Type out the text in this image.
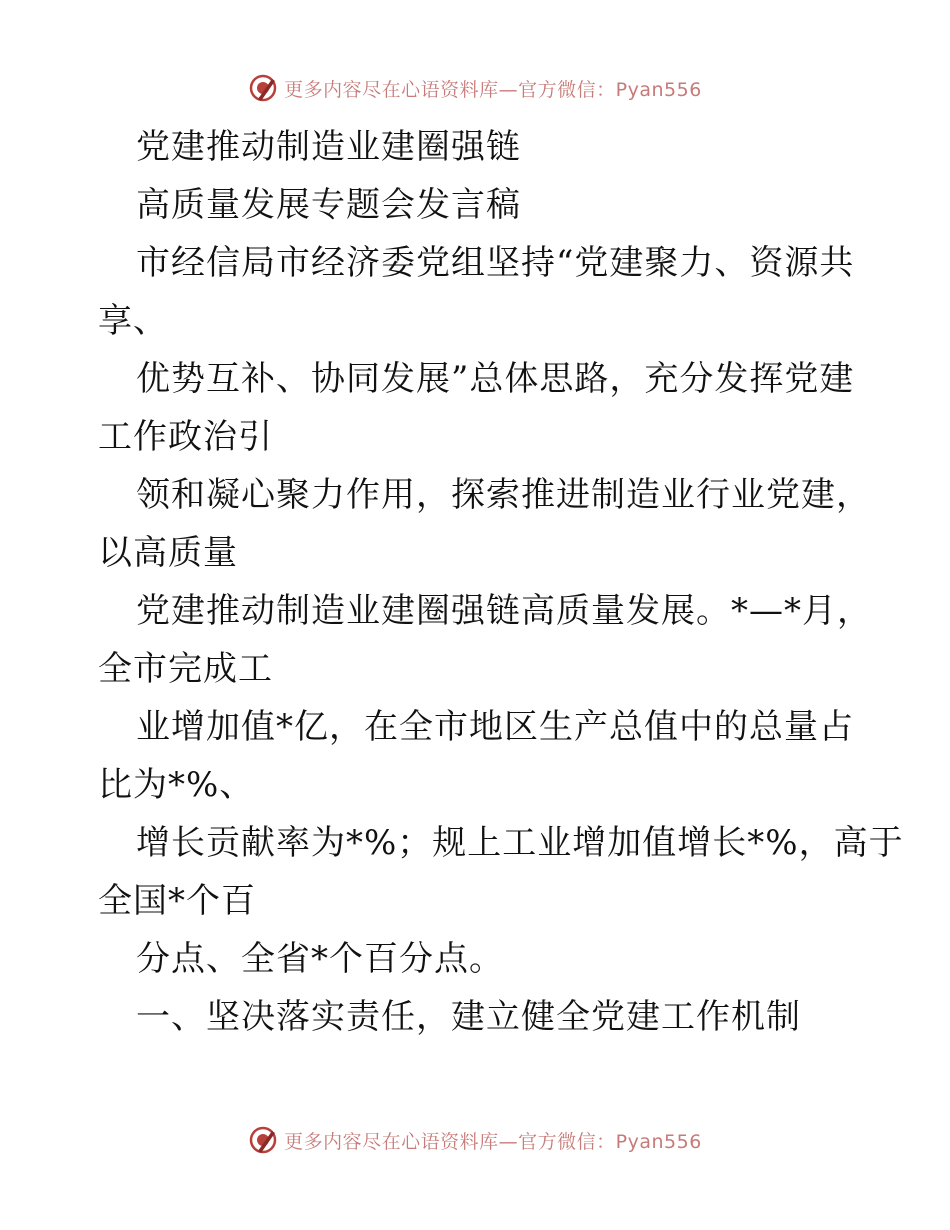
更多内容尽在心语资料库—官方微信：Pyan556
党建推动制造业建圈强链
高质量发展专题会发言稿
市经信局市经济委党组坚持“党建聚力、资源共
享、
优势互补、协同发展”总体思路，充分发挥党建
工作政治引
领和凝心聚力作用，探索推进制造业行业党建，
以高质量
党建推动制造业建圈强链高质量发展。*—*月，
全市完成工
业增加值*亿，在全市地区生产总值中的总量占
比为*%、
增长贡献率为*%；规上工业增加值增长*%，高于
全国*个百
分点、全省*个百分点。
一、坚决落实责任，建立健全党建工作机制
更多内容尽在心语资料库—官方微信：Pyan556
